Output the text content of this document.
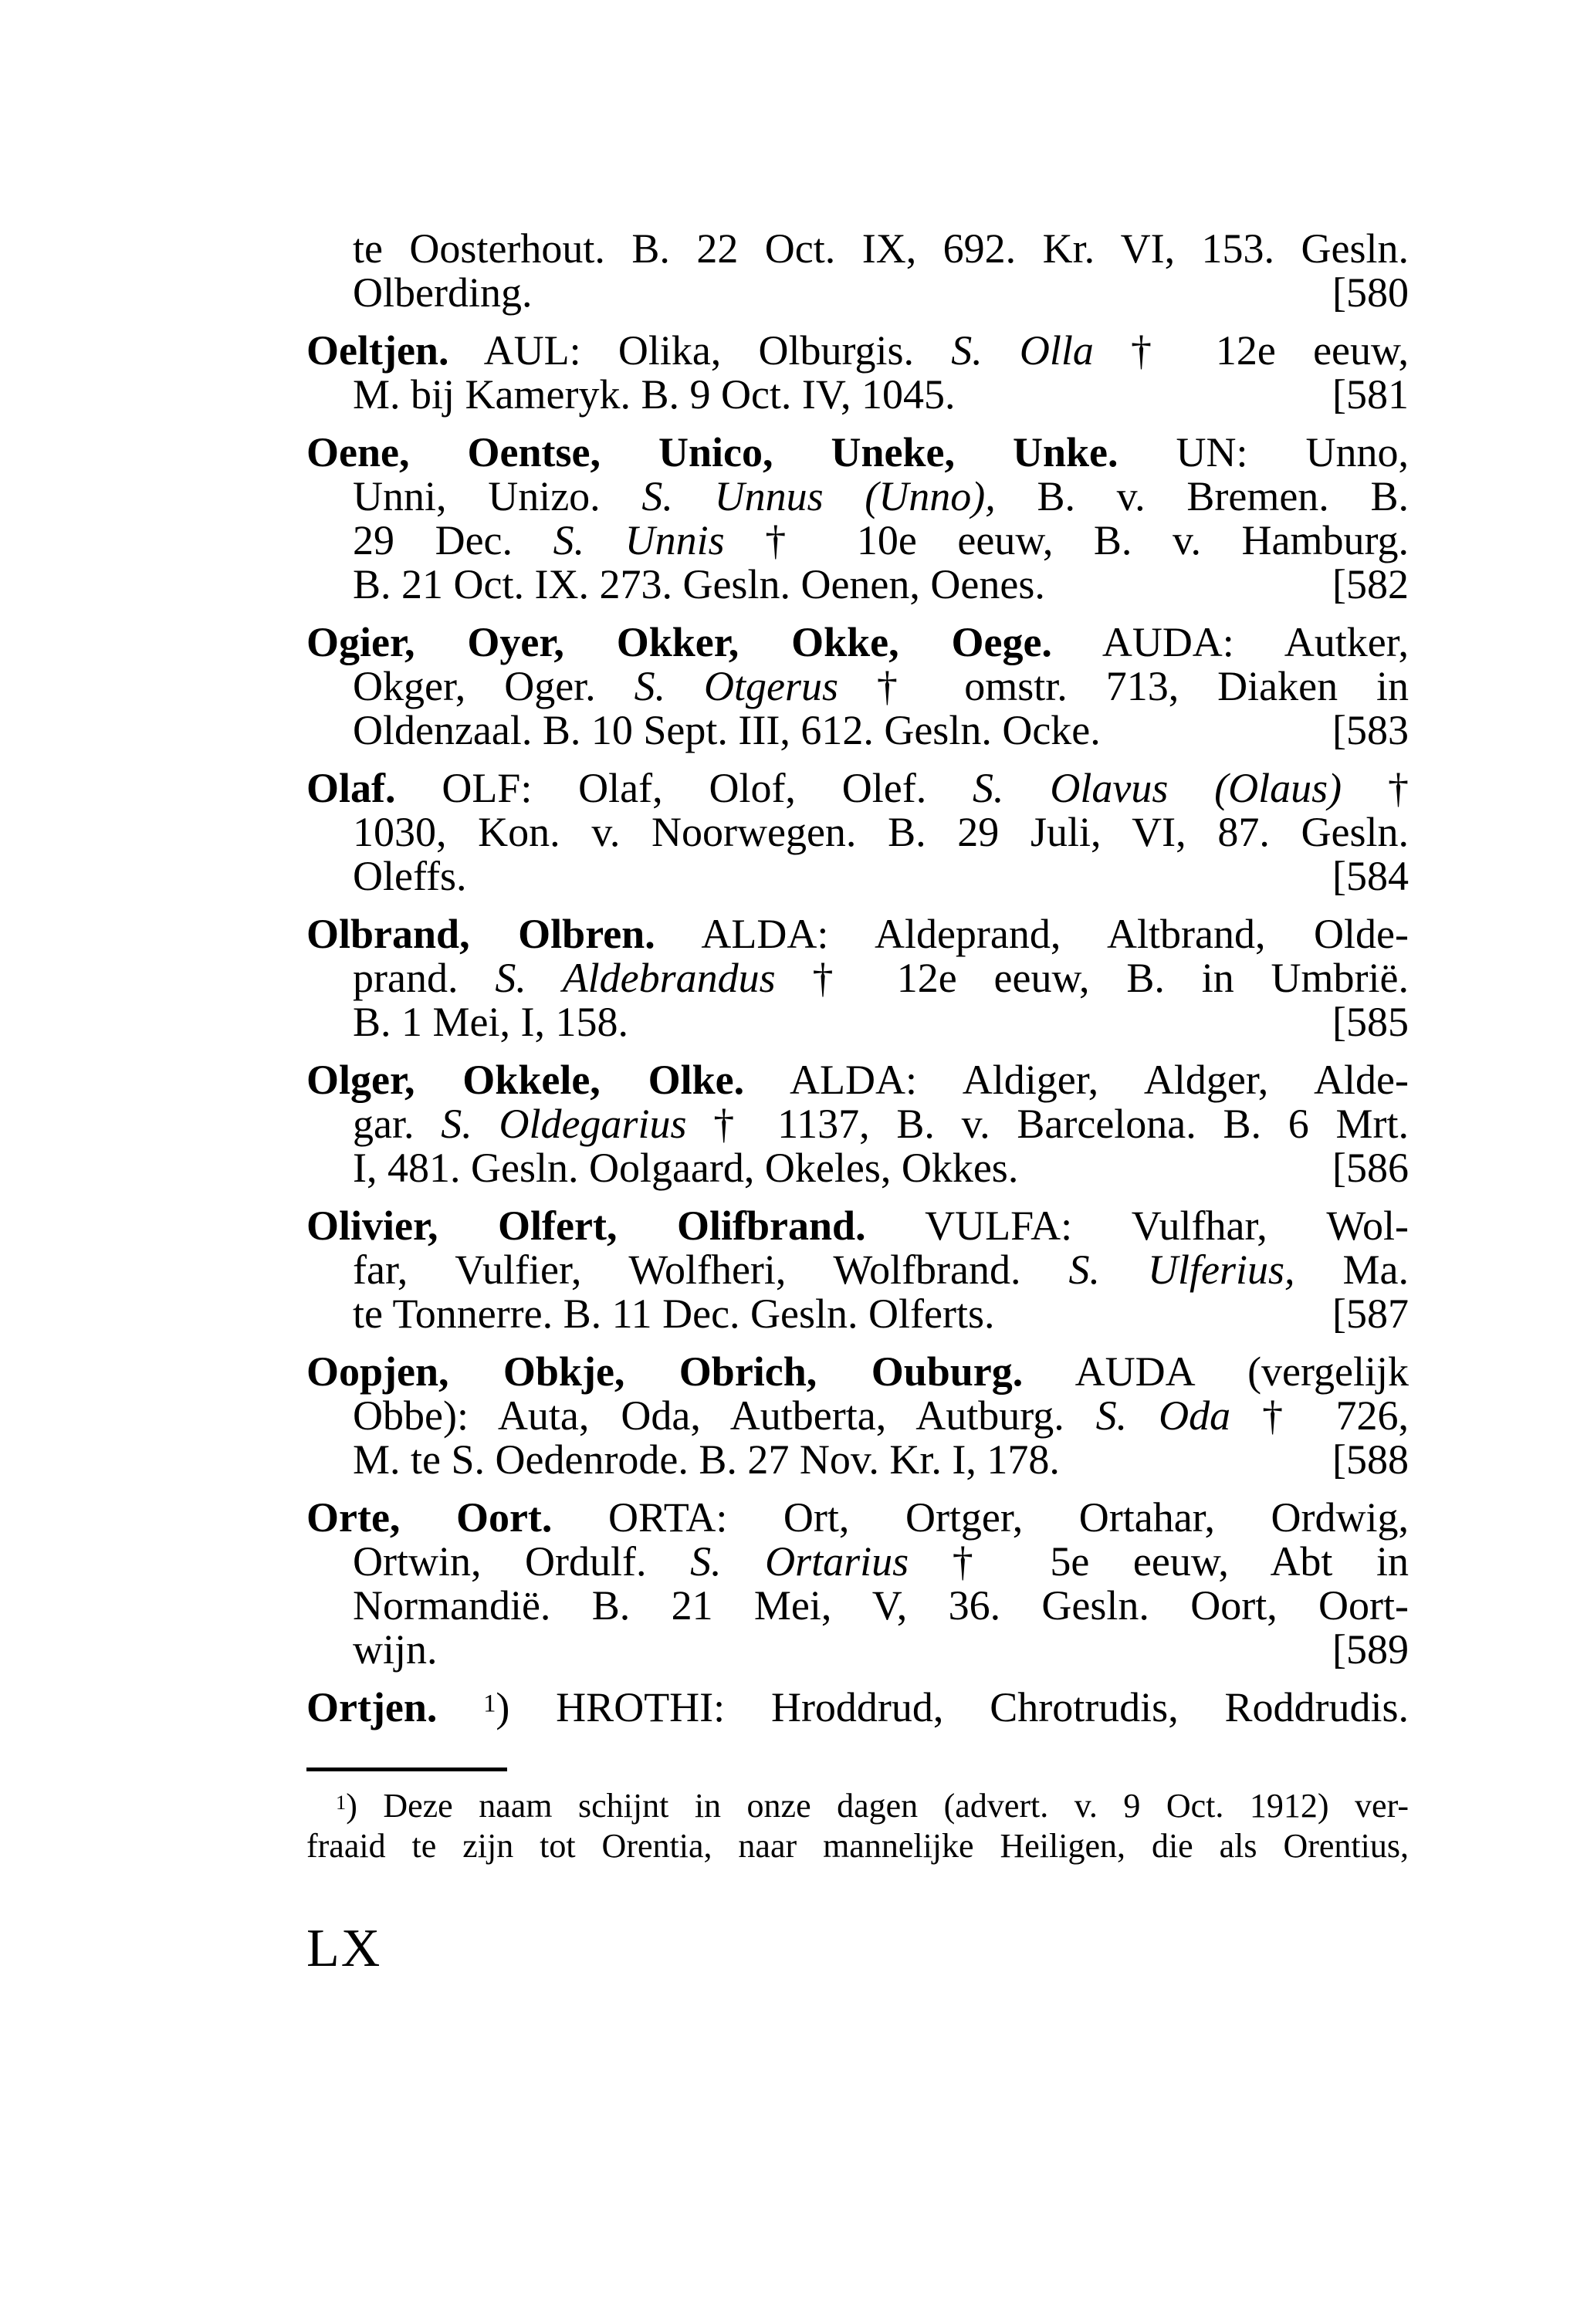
te Oosterhout. B. 22 Oct. IX, 692. Kr. VI, 153. Gesln.
[580
Olberding.
Oeltjen. AUL: Olika, Olburgis. S. Olla † 12e eeuw,
[581
M. bij Kameryk. B. 9 Oct. IV, 1045.
Oene, Oentse, Unico, Uneke, Unke. UN: Unno,
Unni, Unizo. S. Unnus (Unno), B. v. Bremen. B.
29 Dec. S. Unnis † 10e eeuw, B. v. Hamburg.
[582
B. 21 Oct. IX. 273. Gesln. Oenen, Oenes.
Ogier, Oyer, Okker, Okke, Oege. AUDA: Autker,
Okger, Oger. S. Otgerus † omstr. 713, Diaken in
[583
Oldenzaal. B. 10 Sept. III, 612. Gesln. Ocke.
Olaf. OLF: Olaf, Olof, Olef. S. Olavus (Olaus) †
1030, Kon. v. Noorwegen. B. 29 Juli, VI, 87. Gesln.
[584
Oleffs.
Olbrand, Olbren. ALDA: Aldeprand, Altbrand, Olde-
prand. S. Aldebrandus † 12e eeuw, B. in Umbrië.
[585
B. 1 Mei, I, 158.
Olger, Okkele, Olke. ALDA: Aldiger, Aldger, Alde-
gar. S. Oldegarius † 1137, B. v. Barcelona. B. 6 Mrt.
[586
I, 481. Gesln. Oolgaard, Okeles, Okkes.
Olivier, Olfert, Olifbrand. VULFA: Vulfhar, Wol-
far, Vulfier, Wolfheri, Wolfbrand. S. Ulferius, Ma.
[587
te Tonnerre. B. 11 Dec. Gesln. Olferts.
Oopjen, Obkje, Obrich, Ouburg. AUDA (vergelijk
Obbe): Auta, Oda, Autberta, Autburg. S. Oda † 726,
[588
M. te S. Oedenrode. B. 27 Nov. Kr. I, 178.
Orte, Oort. ORTA: Ort, Ortger, Ortahar, Ordwig,
Ortwin, Ordulf. S. Ortarius † 5e eeuw, Abt in
Normandië. B. 21 Mei, V, 36. Gesln. Oort, Oort-
[589
wijn.
Ortjen. $^1$) HROTHI: Hroddrud, Chrotrudis, Roddrudis.
$^1$) Deze naam schijnt in onze dagen (advert. v. 9 Oct. 1912) ver-
fraaid te zijn tot Orentia, naar mannelijke Heiligen, die als Orentius,
LX
